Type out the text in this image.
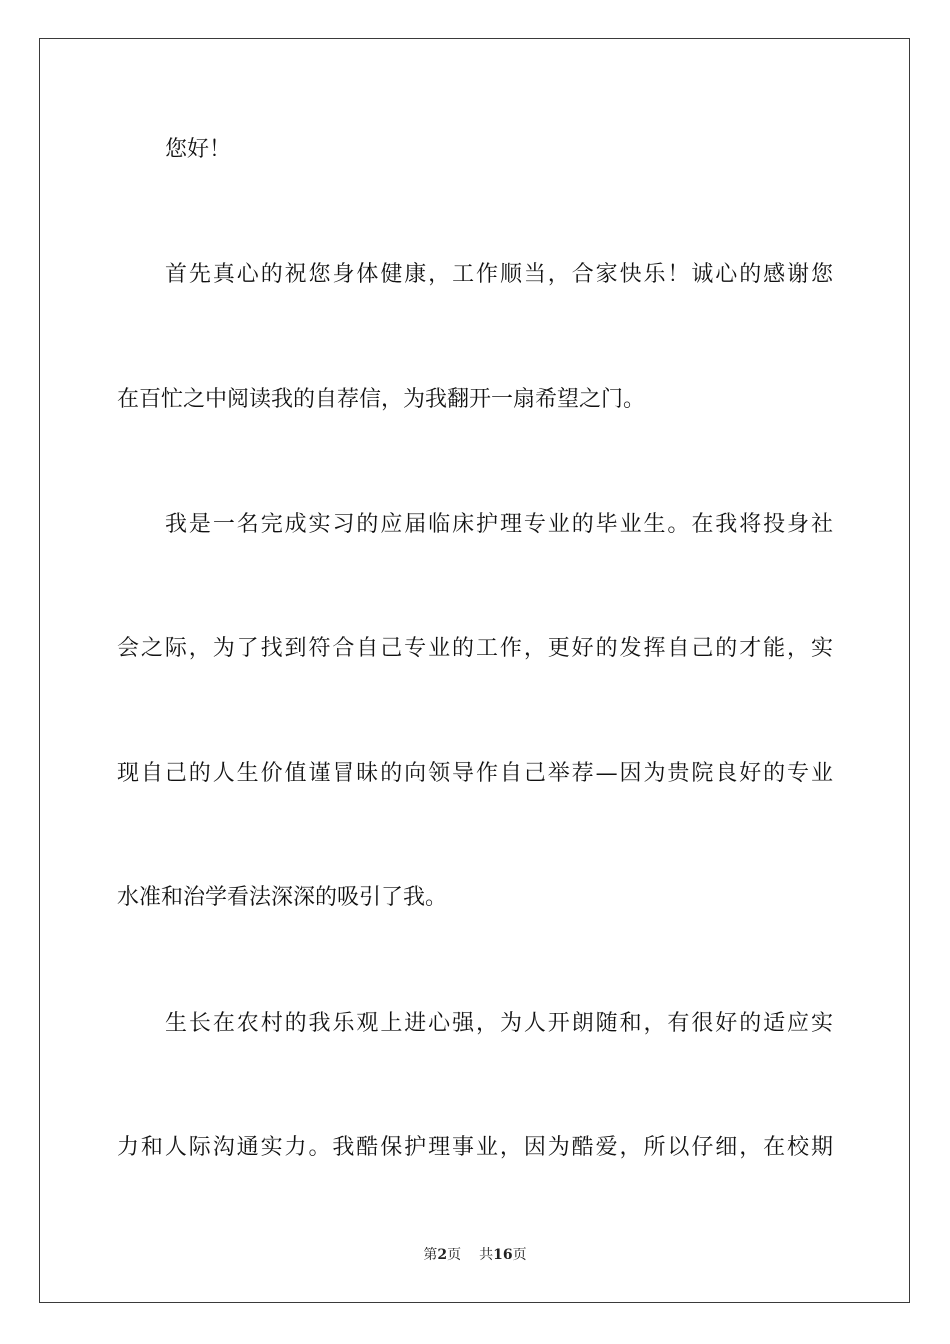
您好！
首先真心的祝您身体健康，工作顺当，合家快乐！诚心的感谢您
在百忙之中阅读我的自荐信，为我翻开一扇希望之门。
我是一名完成实习的应届临床护理专业的毕业生。在我将投身社
会之际，为了找到符合自己专业的工作，更好的发挥自己的才能，实
现自己的人生价值谨冒昧的向领导作自己举荐—因为贵院良好的专业
水准和治学看法深深的吸引了我。
生长在农村的我乐观上进心强，为人开朗随和，有很好的适应实
力和人际沟通实力。我酷保护理事业，因为酷爱，所以仔细，在校期
第2页 共16页
